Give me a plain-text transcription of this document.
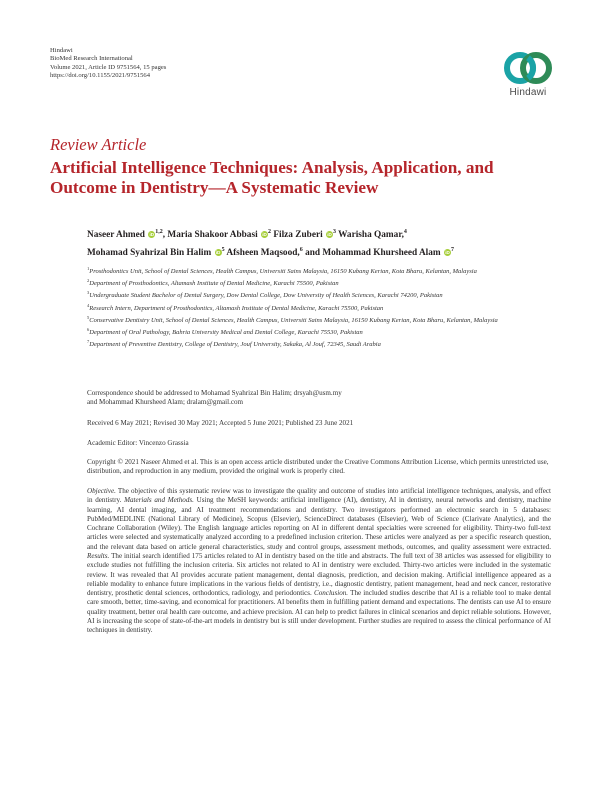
Hindawi
BioMed Research International
Volume 2021, Article ID 9751564, 15 pages
https://doi.org/10.1155/2021/9751564
Hindawi
Review Article
Artificial Intelligence Techniques: Analysis, Application, and Outcome in Dentistry—A Systematic Review
Naseer Ahmed iD$^{1,2}$, Maria Shakoor Abbasi $iD^2$ Filza Zuberi $iD^3$ Warisha Qamar,$^4$
Mohamad Syahrizal Bin Halim $iD^5$ Afsheen Maqsood,$^6$ and Mohammad Khursheed Alam $iD^7$
$^1$Prosthodontics Unit, School of Dental Sciences, Health Campus, Universiti Sains Malaysia, 16150 Kubang Kerian, Kota Bharu, Kelantan, Malaysia
$^2$Department of Prosthodontics, Altamash Institute of Dental Medicine, Karachi 75500, Pakistan
$^3$Undergraduate Student Bachelor of Dental Surgery, Dow Dental College, Dow University of Health Sciences, Karachi 74200, Pakistan
$^4$Research Intern, Department of Prosthodontics, Altamash Institute of Dental Medicine, Karachi 75500, Pakistan
$^5$Conservative Dentistry Unit, School of Dental Sciences, Health Campus, Universiti Sains Malaysia, 16150 Kubang Kerian, Kota Bharu, Kelantan, Malaysia
$^6$Department of Oral Pathology, Bahria University Medical and Dental College, Karachi 75530, Pakistan
$^7$Department of Preventive Dentistry, College of Dentistry, Jouf University, Sakaka, Al Jouf, 72345, Saudi Arabia
Correspondence should be addressed to Mohamad Syahrizal Bin Halim; drsyah@usm.my
and Mohammad Khursheed Alam; dralam@gmail.com
Received 6 May 2021; Revised 30 May 2021; Accepted 5 June 2021; Published 23 June 2021
Academic Editor: Vincenzo Grassia
Copyright © 2021 Naseer Ahmed et al. This is an open access article distributed under the Creative Commons Attribution License, which permits unrestricted use, distribution, and reproduction in any medium, provided the original work is properly cited.
Objective. The objective of this systematic review was to investigate the quality and outcome of studies into artificial intelligence techniques, analysis, and effect in dentistry. Materials and Methods. Using the MeSH keywords: artificial intelligence (AI), dentistry, AI in dentistry, neural networks and dentistry, machine learning, AI dental imaging, and AI treatment recommendations and dentistry. Two investigators performed an electronic search in 5 databases: PubMed/MEDLINE (National Library of Medicine), Scopus (Elsevier), ScienceDirect databases (Elsevier), Web of Science (Clarivate Analytics), and the Cochrane Collaboration (Wiley). The English language articles reporting on AI in different dental specialties were screened for eligibility. Thirty-two full-text articles were selected and systematically analyzed according to a predefined inclusion criterion. These articles were analyzed as per a specific research question, and the relevant data based on article general characteristics, study and control groups, assessment methods, outcomes, and quality assessment were extracted. Results. The initial search identified 175 articles related to AI in dentistry based on the title and abstracts. The full text of 38 articles was assessed for eligibility to exclude studies not fulfilling the inclusion criteria. Six articles not related to AI in dentistry were excluded. Thirty-two articles were included in the systematic review. It was revealed that AI provides accurate patient management, dental diagnosis, prediction, and decision making. Artificial intelligence appeared as a reliable modality to enhance future implications in the various fields of dentistry, i.e., diagnostic dentistry, patient management, head and neck cancer, restorative dentistry, prosthetic dental sciences, orthodontics, radiology, and periodontics. Conclusion. The included studies describe that AI is a reliable tool to make dental care smooth, better, time-saving, and economical for practitioners. AI benefits them in fulfilling patient demand and expectations. The dentists can use AI to ensure quality treatment, better oral health care outcome, and achieve precision. AI can help to predict failures in clinical scenarios and depict reliable solutions. However, AI is increasing the scope of state-of-the-art models in dentistry but is still under development. Further studies are required to assess the clinical performance of AI techniques in dentistry.
